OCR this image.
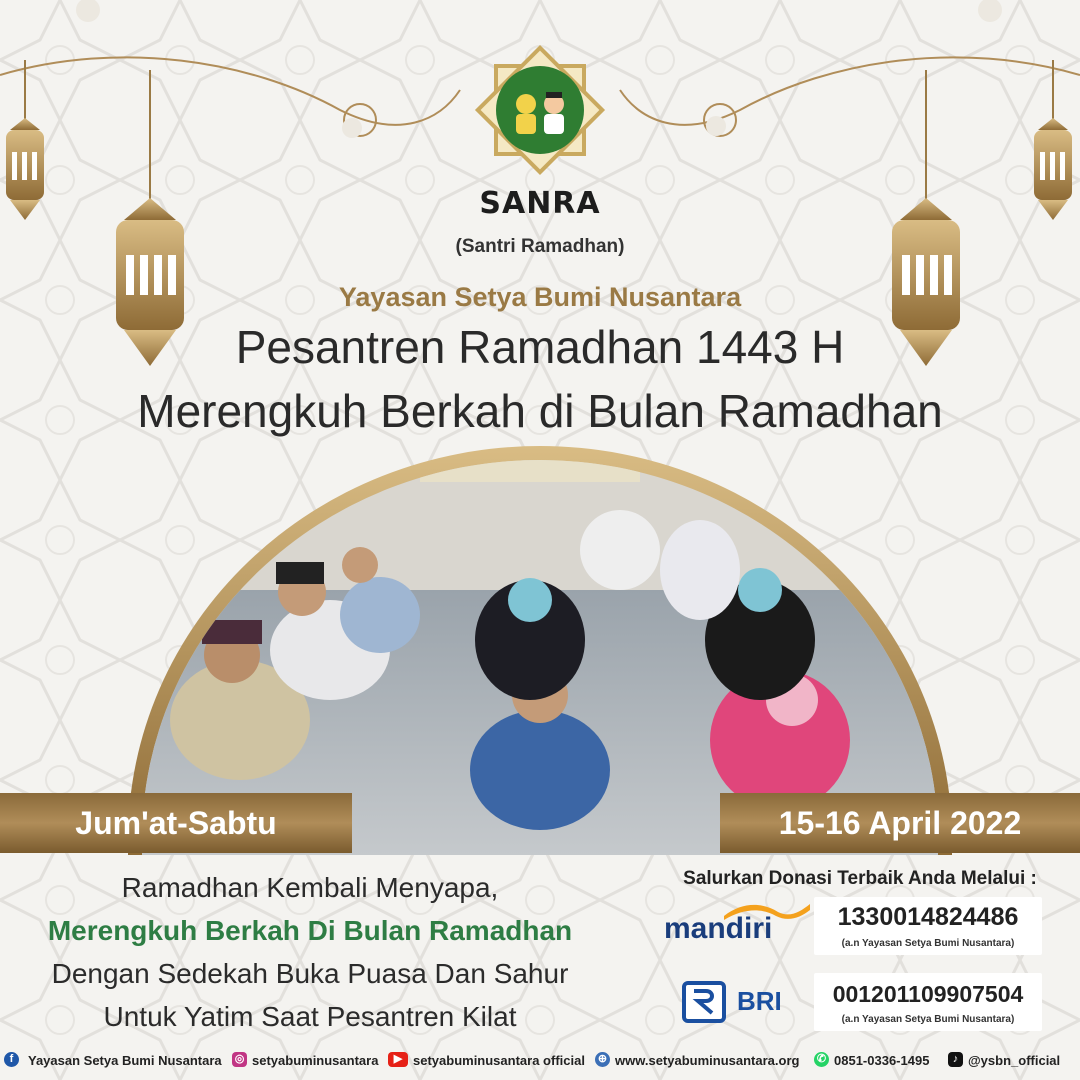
SANRA
(Santri Ramadhan)
Yayasan Setya Bumi Nusantara
Pesantren Ramadhan 1443 H
Merengkuh Berkah di Bulan Ramadhan
Jum'at-Sabtu	15-16 April 2022
Ramadhan Kembali Menyapa,
Merengkuh Berkah Di Bulan Ramadhan
Dengan Sedekah Buka Puasa Dan Sahur
Untuk Yatim Saat Pesantren Kilat
Salurkan Donasi Terbaik Anda Melalui :
mandiri	1330014824486
(a.n Yayasan Setya Bumi Nusantara)
BRI	001201109907504
(a.n Yayasan Setya Bumi Nusantara)
f	Yayasan Setya Bumi Nusantara ◎ setyabuminusantara	▶ setyabuminusantara official ⊕ www.setyabuminusantara.org ✆ 0851-0336-1495	♪ @ysbn_official
